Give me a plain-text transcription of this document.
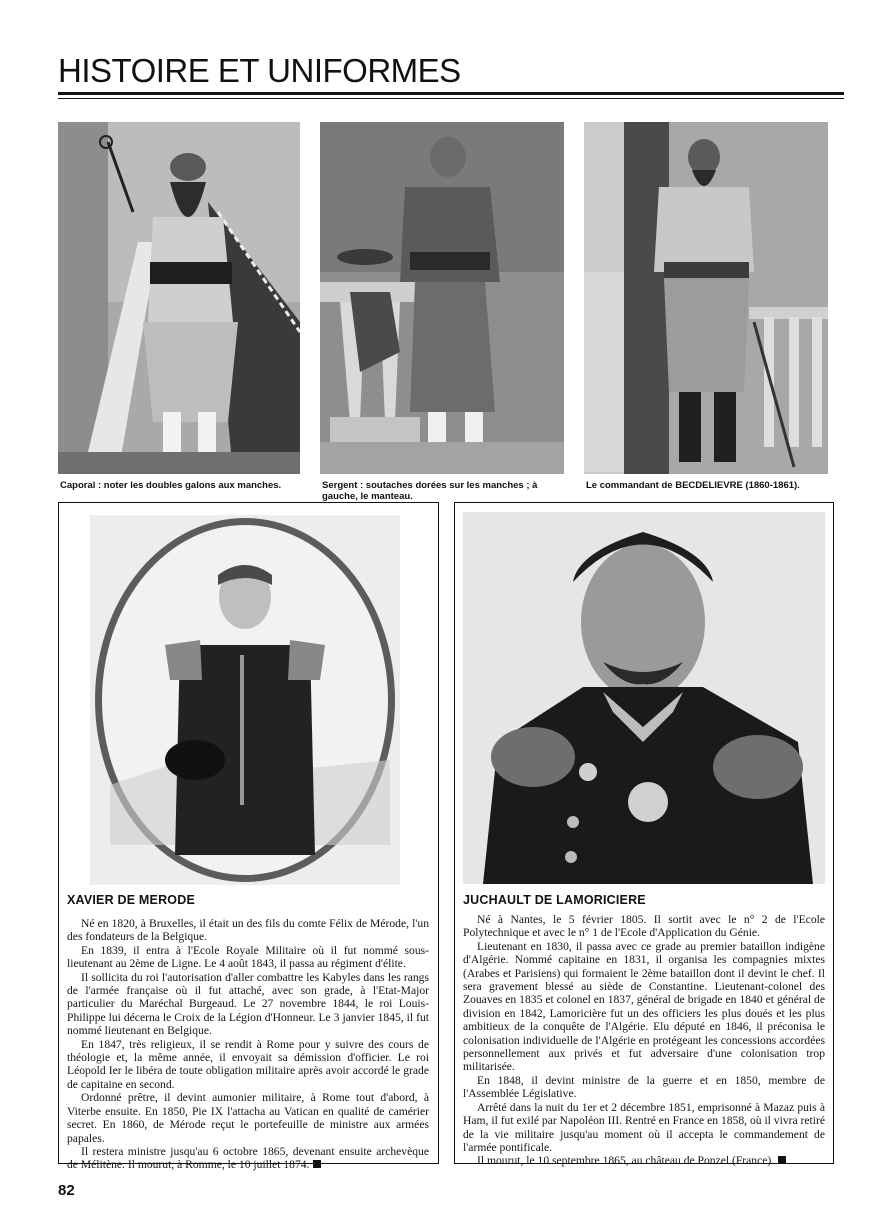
HISTOIRE ET UNIFORMES
Caporal : noter les doubles galons aux manches.	Sergent : soutaches dorées sur les manches ; à gauche, le manteau.
Le commandant de BECDELIEVRE (1860-1861).
XAVIER DE MERODE

Né en 1820, à Bruxelles, il était un des fils du comte Félix de Mérode, l'un des fondateurs de la Belgique.

En 1839, il entra à l'Ecole Royale Militaire où il fut nommé sous-lieutenant au 2ème de Ligne. Le 4 août 1843, il passa au régiment d'élite.

Il sollicita du roi l'autorisation d'aller combattre les Kabyles dans les rangs de l'armée française où il fut attaché, avec son grade, à l'Etat-Major particulier du Maréchal Burgeaud. Le 27 novembre 1844, le roi Louis-Philippe lui décerna le Croix de la Légion d'Honneur. Le 3 janvier 1845, il fut nommé lieutenant en Belgique.

En 1847, très religieux, il se rendit à Rome pour y suivre des cours de théologie et, la même année, il envoyait sa démission d'officier. Le roi Léopold Ier le libéra de toute obligation militaire après avoir accordé le grade de capitaine en second.

Ordonné prêtre, il devint aumonier militaire, à Rome tout d'abord, à Viterbe ensuite. En 1850, Pie IX l'attacha au Vatican en qualité de camérier secret. En 1860, de Mérode reçut le portefeuille de ministre aux armées papales.

Il restera ministre jusqu'au 6 octobre 1865, devenant ensuite archevèque de Mélitène. Il mourut, à Romme, le 10 juillet 1874.

JUCHAULT DE LAMORICIERE

Né à Nantes, le 5 février 1805. Il sortit avec le n° 2 de l'Ecole Polytechnique et avec le n° 1 de l'Ecole d'Application du Génie.

Lieutenant en 1830, il passa avec ce grade au premier bataillon indigène d'Algérie. Nommé capitaine en 1831, il organisa les compagnies mixtes (Arabes et Parisiens) qui formaient le 2ème bataillon dont il devint le chef. Il sera gravement blessé au siède de Constantine. Lieutenant-colonel des Zouaves en 1835 et colonel en 1837, général de brigade en 1840 et général de division en 1842, Lamoricière fut un des officiers les plus doués et les plus ambitieux de la conquête de l'Algérie. Elu député en 1846, il préconisa le colonisation individuelle de l'Algérie en protégeant les concessions accordées personnellement aux privés et fut adversaire d'une colonisation trop militarisée.

En 1848, il devint ministre de la guerre et en 1850, membre de l'Assemblée Législative.

Arrêté dans la nuit du 1er et 2 décembre 1851, emprisonné à Mazaz puis à Ham, il fut exilé par Napoléon III. Rentré en France en 1858, où il vivra retiré de la vie militaire jusqu'au moment où il accepta le commandement de l'armée pontificale.

Il mourut, le 10 septembre 1865, au château de Ponzel (France).

82
